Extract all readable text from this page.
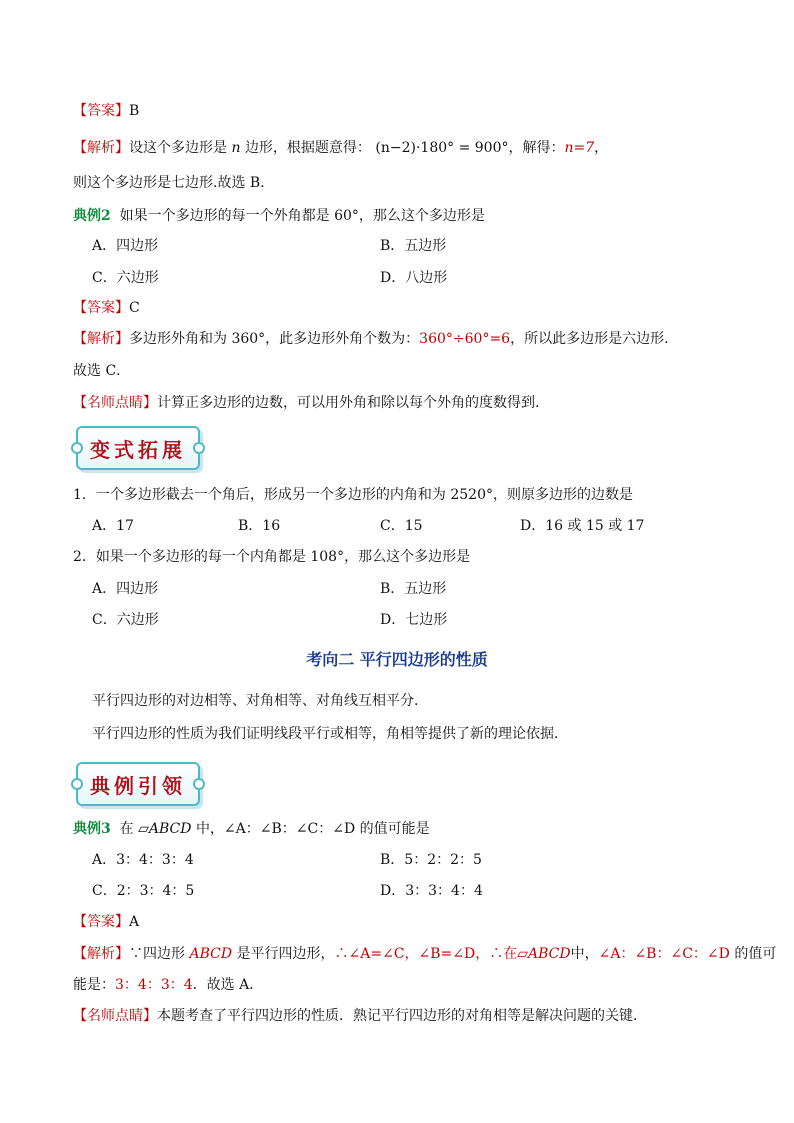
【答案】B
【解析】设这个多边形是 n 边形，根据题意得： (n−2)·180° = 900°，解得：n=7，
则这个多边形是七边形.故选 B．
典例2 如果一个多边形的每一个外角都是 60°，那么这个多边形是
A．四边形	B．五边形
C．六边形	D．八边形
【答案】C
【解析】多边形外角和为 360°，此多边形外角个数为：360°÷60°=6，所以此多边形是六边形.
故选 C．
【名师点睛】计算正多边形的边数，可以用外角和除以每个外角的度数得到.
变式拓展
1．一个多边形截去一个角后，形成另一个多边形的内角和为 2520°，则原多边形的边数是
A．17	B．16	C．15	D．16 或 15 或 17
2．如果一个多边形的每一个内角都是 108°，那么这个多边形是
A．四边形	B．五边形
C．六边形	D．七边形
考向二 平行四边形的性质
平行四边形的对边相等、对角相等、对角线互相平分.
平行四边形的性质为我们证明线段平行或相等，角相等提供了新的理论依据．
典例引领
典例3 在 ▱ABCD 中，∠A：∠B：∠C：∠D 的值可能是
A．3：4：3：4	B．5：2：2：5
C．2：3：4：5	D．3：3：4：4
【答案】A
【解析】∵四边形 ABCD 是平行四边形，∴∠A=∠C，∠B=∠D，∴在▱ABCD中，∠A：∠B：∠C：∠D 的值可
能是：3：4：3：4．故选 A．
【名师点睛】本题考查了平行四边形的性质．熟记平行四边形的对角相等是解决问题的关键．
